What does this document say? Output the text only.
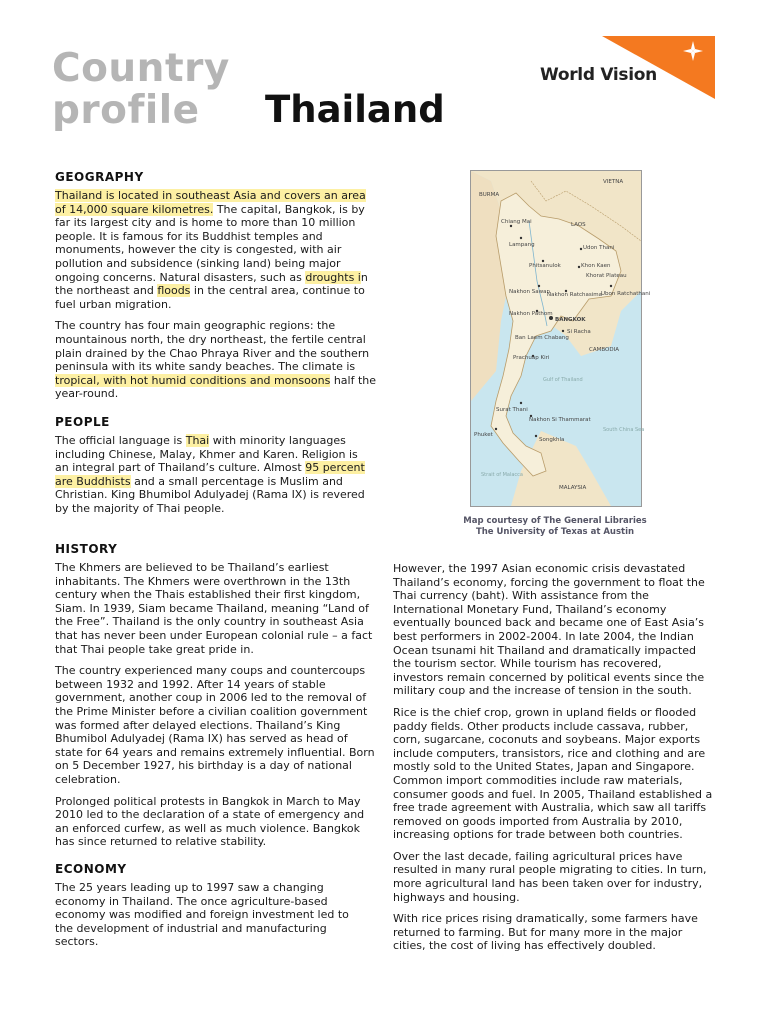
Country
profile Thailand
World Vision
GEOGRAPHY

Thailand is located in southeast Asia and covers an area of 14,000 square kilometres. The capital, Bangkok, is by far its largest city and is home to more than 10 million people. It is famous for its Buddhist temples and monuments, however the city is congested, with air pollution and subsidence (sinking land) being major ongoing concerns. Natural disasters, such as droughts in the northeast and floods in the central area, continue to fuel urban migration.

The country has four main geographic regions: the mountainous north, the dry northeast, the fertile central plain drained by the Chao Phraya River and the southern peninsula with its white sandy beaches. The climate is tropical, with hot humid conditions and monsoons half the year-round.

PEOPLE

The official language is Thai with minority languages including Chinese, Malay, Khmer and Karen. Religion is an integral part of Thailand’s culture. Almost 95 percent are Buddhists and a small percentage is Muslim and Christian. King Bhumibol Adulyadej (Rama IX) is revered by the majority of Thai people.

HISTORY

The Khmers are believed to be Thailand’s earliest inhabitants. The Khmers were overthrown in the 13th century when the Thais established their first kingdom, Siam. In 1939, Siam became Thailand, meaning “Land of the Free”. Thailand is the only country in southeast Asia that has never been under European colonial rule – a fact that Thai people take great pride in.

The country experienced many coups and countercoups between 1932 and 1992. After 14 years of stable government, another coup in 2006 led to the removal of the Prime Minister before a civilian coalition government was formed after delayed elections. Thailand’s King Bhumibol Adulyadej (Rama IX) has served as head of state for 64 years and remains extremely influential. Born on 5 December 1927, his birthday is a day of national celebration.

Prolonged political protests in Bangkok in March to May 2010 led to the declaration of a state of emergency and an enforced curfew, as well as much violence. Bangkok has since returned to relative stability.

ECONOMY

The 25 years leading up to 1997 saw a changing economy in Thailand. The once agriculture-based economy was modified and foreign investment led to the development of industrial and manufacturing sectors.

However, the 1997 Asian economic crisis devastated Thailand’s economy, forcing the government to float the Thai currency (baht). With assistance from the International Monetary Fund, Thailand’s economy eventually bounced back and became one of East Asia’s best performers in 2002-2004. In late 2004, the Indian Ocean tsunami hit Thailand and dramatically impacted the tourism sector. While tourism has recovered, investors remain concerned by political events since the military coup and the increase of tension in the south.

Rice is the chief crop, grown in upland fields or flooded paddy fields. Other products include cassava, rubber, corn, sugarcane, coconuts and soybeans. Major exports include computers, transistors, rice and clothing and are mostly sold to the United States, Japan and Singapore. Common import commodities include raw materials, consumer goods and fuel. In 2005, Thailand established a free trade agreement with Australia, which saw all tariffs removed on goods imported from Australia by 2010, increasing options for trade between both countries.

Over the last decade, failing agricultural prices have resulted in many rural people migrating to cities. In turn, more agricultural land has been taken over for industry, highways and housing.

With rice prices rising dramatically, some farmers have returned to farming. But for many more in the major cities, the cost of living has effectively doubled.

BURMA
VIETNA
LAOS
Chiang Mai
Lampang
Phitsanulok
Udon Thani
Khon Kaen
Khorat Plateau
Nakhon Sawan
Nakhon Ratchasima Ubon Ratchathani
Nakhon Pathom
BANGKOK
Si Racha
Ban Laem Chabang
CAMBODIA
Prachuap Kiri
Gulf of Thailand
Surat Thani
Nakhon Si Thammarat
Phuket
Songkhla
South China Sea
Strait of Malacca
MALAYSIA
Map courtesy of The General Libraries
The University of Texas at Austin
